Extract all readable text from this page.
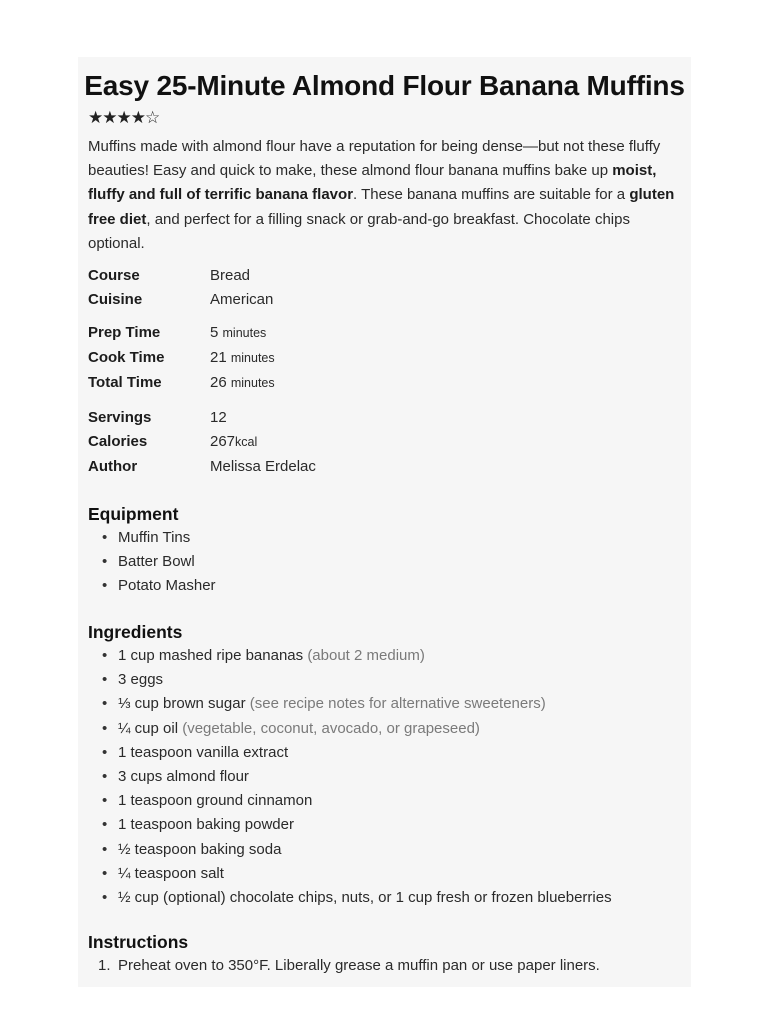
Easy 25-Minute Almond Flour Banana Muffins
★★★★☆

Muffins made with almond flour have a reputation for being dense—but not these fluffy beauties! Easy and quick to make, these almond flour banana muffins bake up moist, fluffy and full of terrific banana flavor. These banana muffins are suitable for a gluten free diet, and perfect for a filling snack or grab-and-go breakfast. Chocolate chips optional.

Course	Bread
Cuisine	American
Prep Time	5 minutes
Cook Time	21 minutes
Total Time	26 minutes
Servings	12
Calories	267kcal
Author	Melissa Erdelac
Equipment
• Muffin Tins
• Batter Bowl
• Potato Masher
Ingredients
• 1 cup mashed ripe bananas (about 2 medium)
• 3 eggs
• ⅓ cup brown sugar (see recipe notes for alternative sweeteners)
• ¼ cup oil (vegetable, coconut, avocado, or grapeseed)
• 1 teaspoon vanilla extract
• 3 cups almond flour
• 1 teaspoon ground cinnamon
• 1 teaspoon baking powder
• ½ teaspoon baking soda
• ¼ teaspoon salt
• ½ cup (optional) chocolate chips, nuts, or 1 cup fresh or frozen blueberries
Instructions
1. Preheat oven to 350°F. Liberally grease a muffin pan or use paper liners.
